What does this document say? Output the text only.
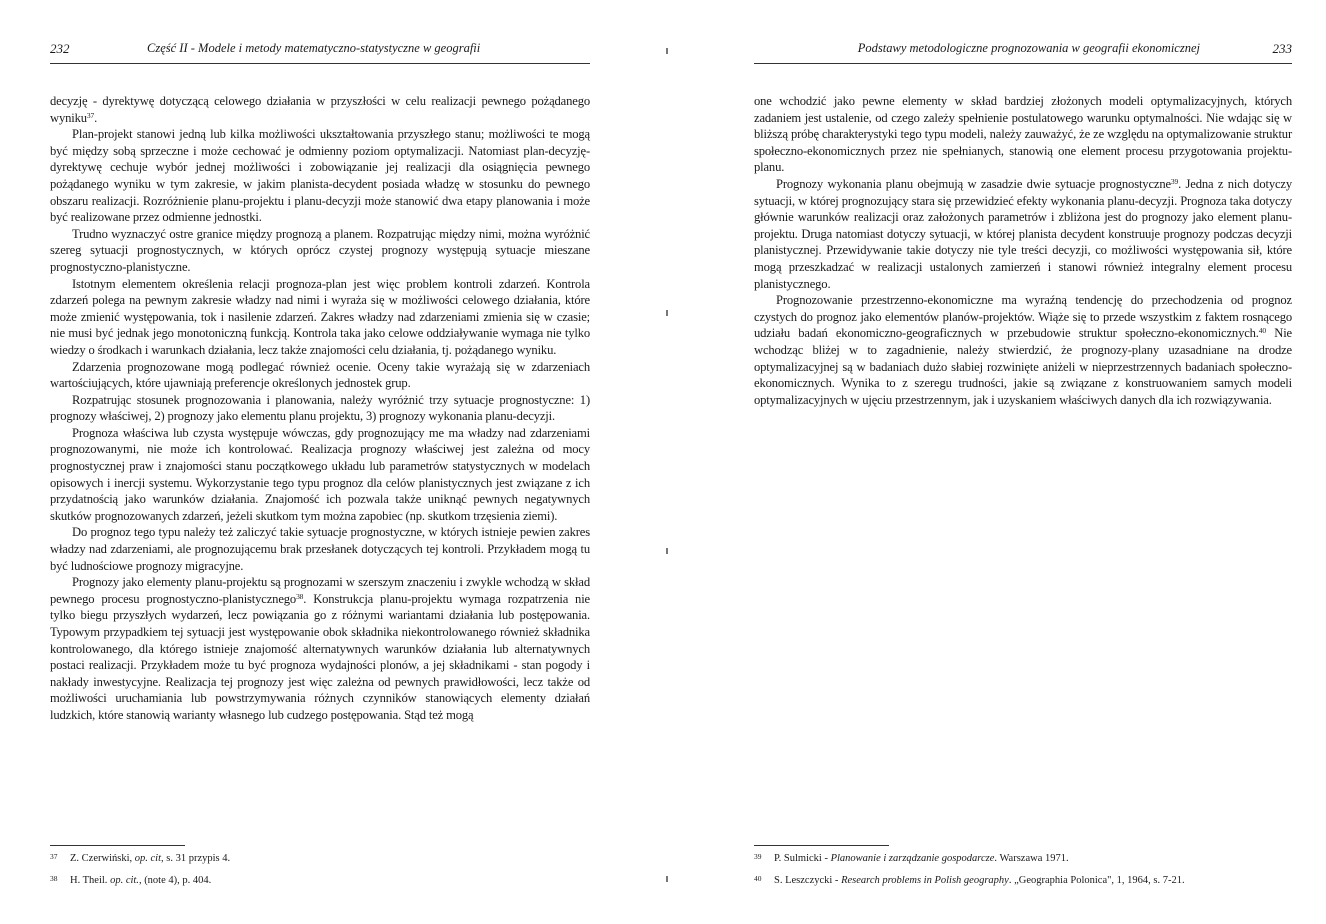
232	Część II - Modele i metody matematyczno-statystyczne w geografii

decyzję - dyrektywę dotyczącą celowego działania w przyszłości w celu realizacji pewnego pożądanego wyniku$^{37}$.

Plan-projekt stanowi jedną lub kilka możliwości ukształtowania przyszłego stanu; możliwości te mogą być między sobą sprzeczne i może cechować je odmienny poziom optymalizacji. Natomiast plan-decyzję-dyrektywę cechuje wybór jednej możliwości i zobowiązanie jej realizacji dla osiągnięcia pewnego pożądanego wyniku w tym zakresie, w jakim planista-decydent posiada władzę w stosunku do pewnego obszaru realizacji. Rozróżnienie planu-projektu i planu-decyzji może stanowić dwa etapy planowania i może być realizowane przez odmienne jednostki.

Trudno wyznaczyć ostre granice między prognozą a planem. Rozpatrując między nimi, można wyróżnić szereg sytuacji prognostycznych, w których oprócz czystej prognozy występują sytuacje mieszane prognostyczno-planistyczne.

Istotnym elementem określenia relacji prognoza-plan jest więc problem kontroli zdarzeń. Kontrola zdarzeń polega na pewnym zakresie władzy nad nimi i wyraża się w możliwości celowego działania, które może zmienić występowania, tok i nasilenie zdarzeń. Zakres władzy nad zdarzeniami zmienia się w czasie; nie musi być jednak jego monotoniczną funkcją. Kontrola taka jako celowe oddziaływanie wymaga nie tylko wiedzy o środkach i warunkach działania, lecz także znajomości celu działania, tj. pożądanego wyniku.

Zdarzenia prognozowane mogą podlegać również ocenie. Oceny takie wyrażają się w zdarzeniach wartościujących, które ujawniają preferencje określonych jednostek grup.

Rozpatrując stosunek prognozowania i planowania, należy wyróżnić trzy sytuacje prognostyczne: 1) prognozy właściwej, 2) prognozy jako elementu planu projektu, 3) prognozy wykonania planu-decyzji.

Prognoza właściwa lub czysta występuje wówczas, gdy prognozujący me ma władzy nad zdarzeniami prognozowanymi, nie może ich kontrolować. Realizacja prognozy właściwej jest zależna od mocy prognostycznej praw i znajomości stanu początkowego układu lub parametrów statystycznych w modelach opisowych i inercji systemu. Wykorzystanie tego typu prognoz dla celów planistycznych jest związane z ich przydatnością jako warunków działania. Znajomość ich pozwala także uniknąć pewnych negatywnych skutków prognozowanych zdarzeń, jeżeli skutkom tym można zapobiec (np. skutkom trzęsienia ziemi).

Do prognoz tego typu należy też zaliczyć takie sytuacje prognostyczne, w których istnieje pewien zakres władzy nad zdarzeniami, ale prognozującemu brak przesłanek dotyczących tej kontroli. Przykładem mogą tu być ludnościowe prognozy migracyjne.

Prognozy jako elementy planu-projektu są prognozami w szerszym znaczeniu i zwykle wchodzą w skład pewnego procesu prognostyczno-planistycznego$^{38}$. Konstrukcja planu-projektu wymaga rozpatrzenia nie tylko biegu przyszłych wydarzeń, lecz powiązania go z różnymi wariantami działania lub postępowania. Typowym przypadkiem tej sytuacji jest występowanie obok składnika niekontrolowanego również składnika kontrolowanego, dla którego istnieje znajomość alternatywnych warunków działania lub alternatywnych postaci realizacji. Przykładem może tu być prognoza wydajności plonów, a jej składnikami - stan pogody i nakłady inwestycyjne. Realizacja tej prognozy jest więc zależna od pewnych prawidłowości, lecz także od możliwości uruchamiania lub powstrzymywania różnych czynników stanowiących elementy działań ludzkich, które stanowią warianty własnego lub cudzego postępowania. Stąd też mogą

37 Z. Czerwiński, op. cit, s. 31 przypis 4.
38 H. Theil. op. cit., (note 4), p. 404.
Podstawy metodologiczne prognozowania w geografii ekonomicznej	233

one wchodzić jako pewne elementy w skład bardziej złożonych modeli optymalizacyjnych, których zadaniem jest ustalenie, od czego zależy spełnienie postulatowego warunku optymalności. Nie wdając się w bliższą próbę charakterystyki tego typu modeli, należy zauważyć, że ze względu na optymalizowanie struktur społeczno-ekonomicznych przez nie spełnianych, stanowią one element procesu przygotowania projektu-planu.

Prognozy wykonania planu obejmują w zasadzie dwie sytuacje prognostyczne$^{39}$. Jedna z nich dotyczy sytuacji, w której prognozujący stara się przewidzieć efekty wykonania planu-decyzji. Prognoza taka dotyczy głównie warunków realizacji oraz założonych parametrów i zbliżona jest do prognozy jako element planu-projektu. Druga natomiast dotyczy sytuacji, w której planista decydent konstruuje prognozy podczas decyzji planistycznej. Przewidywanie takie dotyczy nie tyle treści decyzji, co możliwości występowania sił, które mogą przeszkadzać w realizacji ustalonych zamierzeń i stanowi również integralny element procesu planistycznego.

Prognozowanie przestrzenno-ekonomiczne ma wyraźną tendencję do przechodzenia od prognoz czystych do prognoz jako elementów planów-projektów. Wiąże się to przede wszystkim z faktem rosnącego udziału badań ekonomiczno-geograficznych w przebudowie struktur społeczno-ekonomicznych.$^{40}$ Nie wchodząc bliżej w to zagadnienie, należy stwierdzić, że prognozy-plany uzasadniane na drodze optymalizacyjnej są w badaniach dużo słabiej rozwinięte aniżeli w nieprzestrzennych badaniach społeczno-ekonomicznych. Wynika to z szeregu trudności, jakie są związane z konstruowaniem samych modeli optymalizacyjnych w ujęciu przestrzennym, jak i uzyskaniem właściwych danych dla ich rozwiązywania.

39 P. Sulmicki - Planowanie i zarządzanie gospodarcze. Warszawa 1971.
40 S. Leszczycki - Research problems in Polish geography. „Geographia Polonica", 1, 1964, s. 7-21.
